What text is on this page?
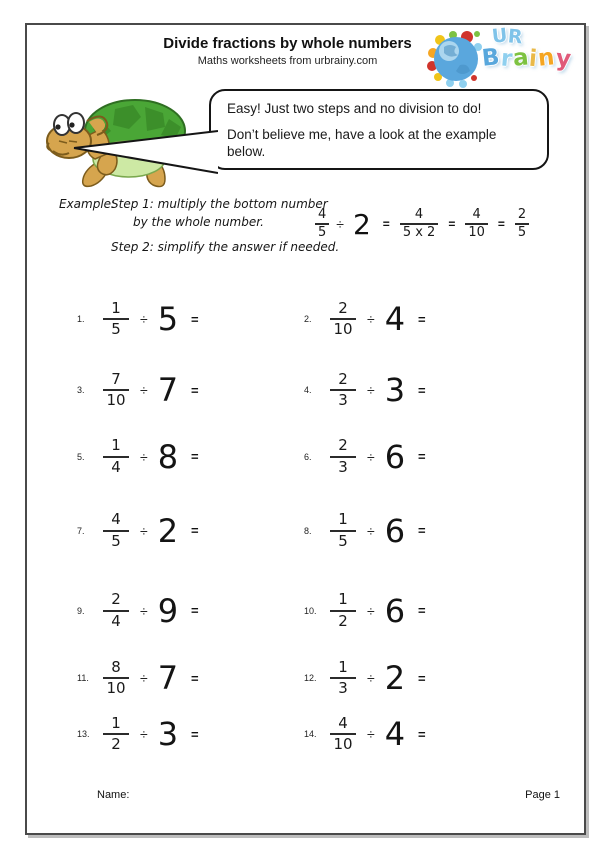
Divide fractions by whole numbers
Maths worksheets from urbrainy.com
UR
Brainy
Easy! Just two steps and no division to do!
Don’t believe me, have a look at the example below.
Example:
Step 1: multiply the bottom number
by the whole number.
Step 2: simplify the answer if needed.
$\frac{4}{5} \div 2 = \frac{4}{5 x 2} = \frac{4}{10} = \frac{2}{5}$
1.	$\frac{1}{5} \div 5$ =	2.	$\frac{2}{10} \div 4$ =
3.	$\frac{7}{10} \div 7$ =	4.	$\frac{2}{3} \div 3$ =
5.	$\frac{1}{4} \div 8$ =	6.	$\frac{2}{3} \div 6$ =
7.	$\frac{4}{5} \div 2$ =	8.	$\frac{1}{5} \div 6$ =
9.	$\frac{2}{4} \div 9$ =	10. $\frac{1}{2} \div 6$ =
11. $\frac{8}{10} \div 7$ =	12. $\frac{1}{3} \div 2$ =
13. $\frac{1}{2} \div 3$ =	14. $\frac{4}{10} \div 4$ =
Name:	Page 1
